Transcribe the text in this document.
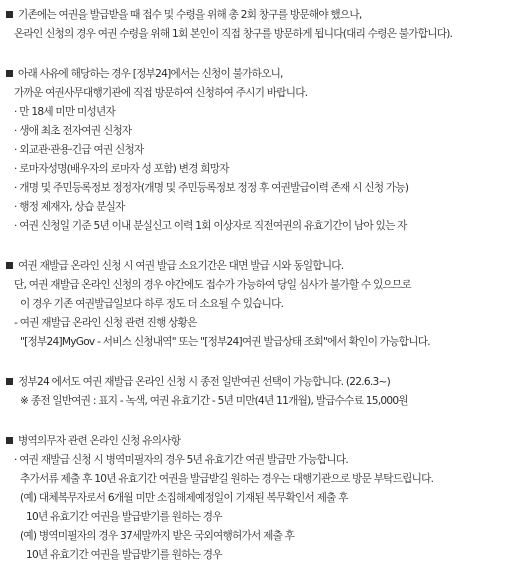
기존에는 여권을 발급받을 때 접수 및 수령을 위해 총 2회 창구를 방문해야 했으나,
온라인 신청의 경우 여권 수령을 위해 1회 본인이 직접 창구를 방문하게 됩니다(대리 수령은 불가합니다).
아래 사유에 해당하는 경우 [정부24]에서는 신청이 불가하오니,
가까운 여권사무대행기관에 직접 방문하여 신청하여 주시기 바랍니다.
· 만 18세 미만 미성년자
· 생애 최초 전자여권 신청자
· 외교관·관용·긴급 여권 신청자
· 로마자성명(배우자의 로마자 성 포함) 변경 희망자
· 개명 및 주민등록정보 정정자(개명 및 주민등록정보 정정 후 여권발급이력 존재 시 신청 가능)
· 행정 제재자, 상습 분실자
· 여권 신청일 기준 5년 이내 분실신고 이력 1회 이상자로 직전여권의 유효기간이 남아 있는 자
여권 재발급 온라인 신청 시 여권 발급 소요기간은 대면 발급 시와 동일합니다.
단, 여권 재발급 온라인 신청의 경우 야간에도 접수가 가능하여 당일 심사가 불가할 수 있으므로
이 경우 기존 여권발급일보다 하루 정도 더 소요될 수 있습니다.
- 여권 재발급 온라인 신청 관련 진행 상황은
"[정부24]MyGov - 서비스 신청내역" 또는 "[정부24]여권 발급상태 조회"에서 확인이 가능합니다.
정부24 에서도 여권 재발급 온라인 신청 시 종전 일반여권 선택이 가능합니다. (22.6.3~)
※ 종전 일반여권 : 표지 - 녹색, 여권 유효기간 - 5년 미만(4년 11개월), 발급수수료 15,000원
병역의무자 관련 온라인 신청 유의사항
· 여권 재발급 신청 시 병역미필자의 경우 5년 유효기간 여권 발급만 가능합니다.
추가서류 제출 후 10년 유효기간 여권을 발급받길 원하는 경우는 대행기관으로 방문 부탁드립니다.
(예) 대체복무자로서 6개월 미만 소집해제예정일이 기재된 복무확인서 제출 후
10년 유효기간 여권을 발급받기를 원하는 경우
(예) 병역미필자의 경우 37세말까지 받은 국외여행허가서 제출 후
10년 유효기간 여권을 발급받기를 원하는 경우
